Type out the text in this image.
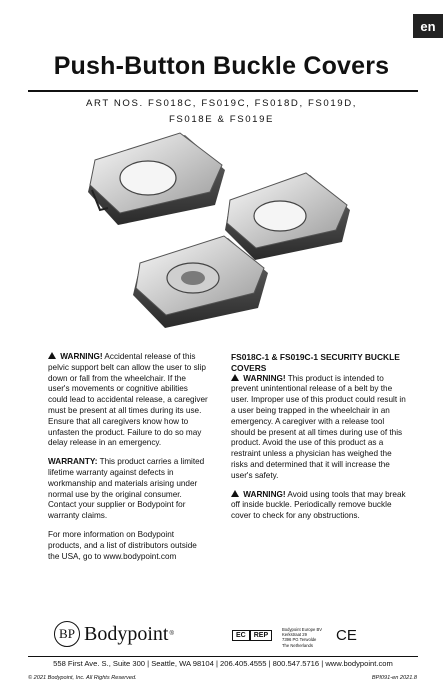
en
Push-Button Buckle Covers
ART NOS. FS018C, FS019C, FS018D, FS019D,
FS018E & FS019E

WARNING! Accidental release of this pelvic support belt can allow the user to slip down or fall from the wheelchair. If the user's movements or cognitive abilities could lead to accidental release, a caregiver must be present at all times during its use. Ensure that all caregivers know how to unfasten the product. Failure to do so may delay release in an emergency.

WARRANTY: This product carries a limited lifetime warranty against defects in workmanship and materials arising under normal use by the original consumer. Contact your supplier or Bodypoint for warranty claims.

For more information on Bodypoint products, and a list of distributors outside the USA, go to www.bodypoint.com

FS018C-1 & FS019C-1 SECURITY BUCKLE COVERS

WARNING! This product is intended to prevent unintentional release of a belt by the user. Improper use of this product could result in a user being trapped in the wheelchair in an emergency. A caregiver with a release tool should be present at all times during use of this product. Avoid the use of this product as a restraint unless a physician has weighed the risks and determined that it will increase the user's safety.

WARNING! Avoid using tools that may break off inside buckle. Periodically remove buckle cover to check for any obstructions.

BP Bodypoint ®	EC	REP
Bodypoint Europe BV
Kerkstraat 29
7396 PG Terwolde
The Netherlands
CE
558 First Ave. S., Suite 300 | Seattle, WA 98104 | 206.405.4555 | 800.547.5716 | www.bodypoint.com
© 2021 Bodypoint, Inc. All Rights Reserved.	BPI091-en 2021.8
